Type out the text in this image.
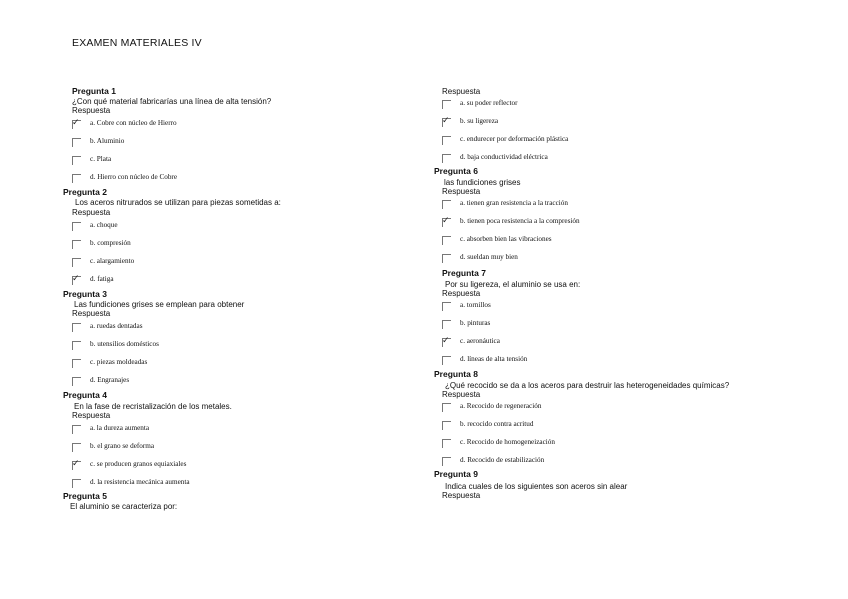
EXAMEN MATERIALES IV
Pregunta 1
¿Con qué material fabricarías una línea de alta tensión?
Respuesta
✓ a. Cobre con núcleo de Hierro
b. Aluminio
c. Plata
d. Hierro con núcleo de Cobre
Pregunta 2
Los aceros nitrurados se utilizan para piezas sometidas a:
Respuesta
a. choque
b. compresión
c. alargamiento
✓ d. fatiga
Pregunta 3
Las fundiciones grises se emplean para obtener
Respuesta
a. ruedas dentadas
b. utensilios domésticos
c. piezas moldeadas
d. Engranajes
Pregunta 4
En la fase de recristalización de los metales.
Respuesta
a. la dureza aumenta
b. el grano se deforma
✓ c. se producen granos equiaxiales
d. la resistencia mecánica aumenta
Pregunta 5
El aluminio se caracteriza por:
Respuesta
a. su poder reflector
✓ b. su ligereza
c. endurecer por deformación plástica
d. baja conductividad eléctrica
Pregunta 6
las fundiciones grises
Respuesta
a. tienen gran resistencia a la tracción
✓ b. tienen poca resistencia a la compresión
c. absorben bien las vibraciones
d. sueldan muy bien
Pregunta 7
Por su ligereza, el aluminio se usa en:
Respuesta
a. tornillos
b. pinturas
✓ c. aeronáutica
d. líneas de alta tensión
Pregunta 8
¿Qué recocido se da a los aceros para destruir las heterogeneidades químicas?
Respuesta
a. Recocido de regeneración
b. recocido contra acritud
c. Recocido de homogeneización
d. Recocido de estabilización
Pregunta 9
Indica cuales de los siguientes son aceros sin alear
Respuesta
